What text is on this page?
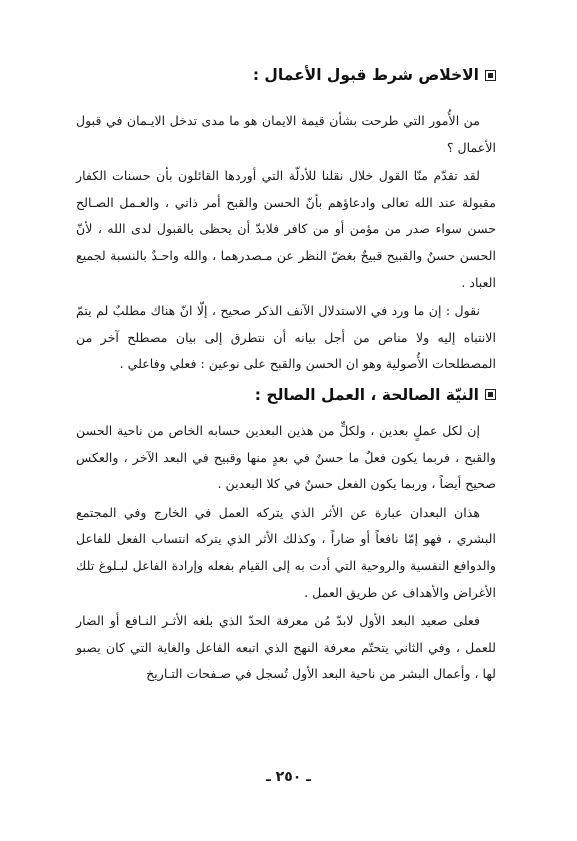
الاخلاص شرط قبول الأعمال :

من الأُمور التي طرحت بشأن قيمة الايمان هو ما مدى تدخل الايـمان في قبول الأعمال ؟

لقد تقدّم منّا القول خلال نقلنا للأدلّة التي أوردها القائلون بأن حسنات الكفار مقبولة عند الله تعالى وادعاؤهم بأنّ الحسن والقبح أمر ذاتي ، والعـمل الصـالح حسن سواء صدر من مؤمن أو من كافر فلابدّ أن يحظى بالقبول لدى الله ، لأنّ الحسن حسنٌ والقبيح قبيحٌ بغضّ النظر عن مـصدرهما ، والله واحـدٌ بالنسبة لجميع العباد .

نقول : إن ما ورد في الاستدلال الآنف الذكر صحيح ، إلّا انّ هناك مطلبٌ لم يتمّ الانتباه إليه ولا مناص من أجل بيانه أن نتطرق إلى بيان مصطلح آخر من المصطلحات الأُصولية وهو ان الحسن والقبح على نوعين : فعلي وفاعلي .

النيّة الصالحة ، العمل الصالح :

إن لكل عملٍ بعدين ، ولكلٍّ من هذين البعدين حسابه الخاص من ناحية الحسن والقبح ، فربما يكون فعلٌ ما حسنٌ في بعدٍ منها وقبيح في البعد الآخر ، والعكس صحيح أيضاً ، وربما يكون الفعل حسنٌ في كلا البعدين .

هذان البعدان عبارة عن الأثر الذي يتركه العمل في الخارج وفي المجتمع البشري ، فهو إمّا نافعاً أو ضاراً ، وكذلك الأثر الذي يتركه انتساب الفعل للفاعل والدوافع النفسية والروحية التي أدت به إلى القيام بفعله وإرادة الفاعل لبـلوغ تلك الأغراض والأهداف عن طريق العمل .

فعلى صعيد البعد الأول لابدّ مُن معرفة الحدّ الذي بلغه الأثـر النـافع أو الضار للعمل ، وفي الثاني يتحتّم معرفة النهج الذي اتبعه الفاعل والغاية التي كان يصبو لها ، وأعمال البشر من ناحية البعد الأول تُسجل في صـفحات التـاريخ

ـ ٢٥٠ ـ
